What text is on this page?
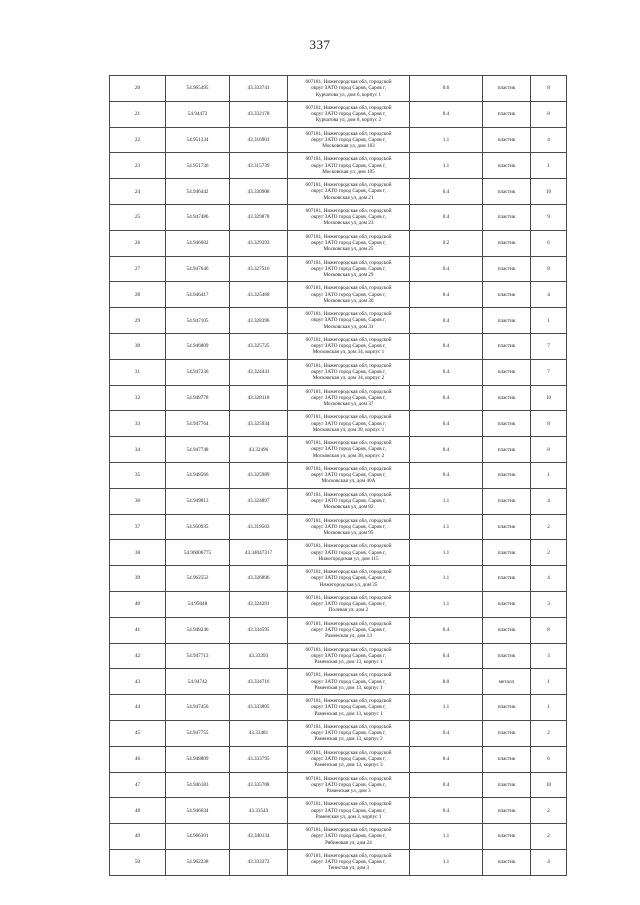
337
20	54.965495	43.333741	607181, Нижегородская обл, городской
округ ЗАТО город Саров, Саров г,
Курчатова ул, дом 6, корпус 1	0.6	пластик	8
21	54.94473	43.332178	607181, Нижегородская обл, городской
округ ЗАТО город Саров, Саров г,
Курчатова ул, дом 8, корпус 2	0.4	пластик	8
22	54.951334	43.316901	607181, Нижегородская обл, городской
округ ЗАТО город Саров, Саров г,
Московская ул, дом 103	1.1	пластик	4
23	54.951736	43.315739	607181, Нижегородская обл, городской
округ ЗАТО город Саров, Саров г,
Московская ул, дом 105	1.1	пластик	1
24	54.946442	43.330908	607181, Нижегородская обл, городской
округ ЗАТО город Саров, Саров г,
Московская ул, дом 21	0.4	пластик	10
25	54.947486	43.329878	607181, Нижегородская обл, городской
округ ЗАТО город Саров, Саров г,
Московская ул, дом 23	0.4	пластик	9
26	54.946602	43.329393	607181, Нижегородская обл, городской
округ ЗАТО город Саров, Саров г,
Московская ул, дом 25	0.2	пластик	6
27	54.947646	43.327516	607181, Нижегородская обл, городской
округ ЗАТО город Саров, Саров г,
Московская ул, дом 29	0.4	пластик	8
28	54.946417	43.325468	607181, Нижегородская обл, городской
округ ЗАТО город Саров, Саров г,
Московская ул, дом 30	0.4	пластик	4
29	54.947105	43.328396	607181, Нижегородская обл, городской
округ ЗАТО город Саров, Саров г,
Московская ул, дом 31	0.4	пластик	1
30	54.946809	43.325725	607181, Нижегородская обл, городской
округ ЗАТО город Саров, Саров г,
Московская ул, дом 34, корпус 1	0.4	пластик	7
31	54.947236	43.324441	607181, Нижегородская обл, городской
округ ЗАТО город Саров, Саров г,
Московская ул, дом 34, корпус 2	0.4	пластик	7
32	54.948778	43.328118	607181, Нижегородская обл, городской
округ ЗАТО город Саров, Саров г,
Московская ул, дом 37	0.4	пластик	10
33	54.947764	43.325934	607181, Нижегородская обл, городской
округ ЗАТО город Саров, Саров г,
Московская ул, дом 38, корпус 1	0.4	пластик	8
34	54.947748	43.32496	607181, Нижегородская обл, городской
округ ЗАТО город Саров, Саров г,
Московская ул, дом 38, корпус 2	0.4	пластик	8
35	54.948566	43.325989	607181, Нижегородская обл, городской
округ ЗАТО город Саров, Саров г,
Московская ул, дом 40А	0.4	пластик	1
36	54.949813	43.324897	607181, Нижегородская обл, городской
округ ЗАТО город Саров, Саров г,
Московская ул, дом 82	1.1	пластик	4
37	54.950935	43.319503	607181, Нижегородская обл, городской
округ ЗАТО город Саров, Саров г,
Московская ул, дом 95	1.1	пластик	2
38	54.96006775	43.34047317	607181, Нижегородская обл, городской
округ ЗАТО город Саров, Саров г,
Нижегородская ул, дом 115	1.1	пластик	2
39	54.962552	43.326896	607181, Нижегородская обл, городской
округ ЗАТО город Саров, Саров г,
Нижегородская ул, дом 35	1.1	пластик	4
40	54.95048	43.324291	607181, Нижегородская обл, городской
округ ЗАТО город Саров, Саров г,
Полевая ул, дом 2	1.1	пластик	3
41	54.948246	43.334595	607181, Нижегородская обл, городской
округ ЗАТО город Саров, Саров г,
Раменская ул, дом 13	0.4	пластик	8
42	54.947713	43.33393	607181, Нижегородская обл, городской
округ ЗАТО город Саров, Саров г,
Раменская ул, дом 13, корпус 1	0.4	пластик	3
43	54.94742	43.334716	607181, Нижегородская обл, городской
округ ЗАТО город Саров, Саров г,
Раменская ул, дом 13, корпус 1	8.0	металл	1
44	54.947456	43.333805	607181, Нижегородская обл, городской
округ ЗАТО город Саров, Саров г,
Раменская ул, дом 13, корпус 1	1.1	пластик	1
45	54.947755	43.33481	607181, Нижегородская обл, городской
округ ЗАТО город Саров, Саров г,
Раменская ул, дом 13, корпус 2	0.4	пластик	2
46	54.948809	43.333795	607181, Нижегородская обл, городской
округ ЗАТО город Саров, Саров г,
Раменская ул, дом 13, корпус 3	0.4	пластик	6
47	54.946183	43.335708	607181, Нижегородская обл, городской
округ ЗАТО город Саров, Саров г,
Раменская ул, дом 3	0.4	пластик	10
48	54.946634	43.33543	607181, Нижегородская обл, городской
округ ЗАТО город Саров, Саров г,
Раменская ул, дом 3, корпус 1	0.4	пластик	2
49	54.966301	43.340134	607181, Нижегородская обл, городской
округ ЗАТО город Саров, Саров г,
Рябиновая ул, дом 24	1.1	пластик	2
50	54.962238	43.333372	607181, Нижегородская обл, городской
округ ЗАТО город Саров, Саров г,
Тенистая ул, дом 3	1.1	пластик	4
